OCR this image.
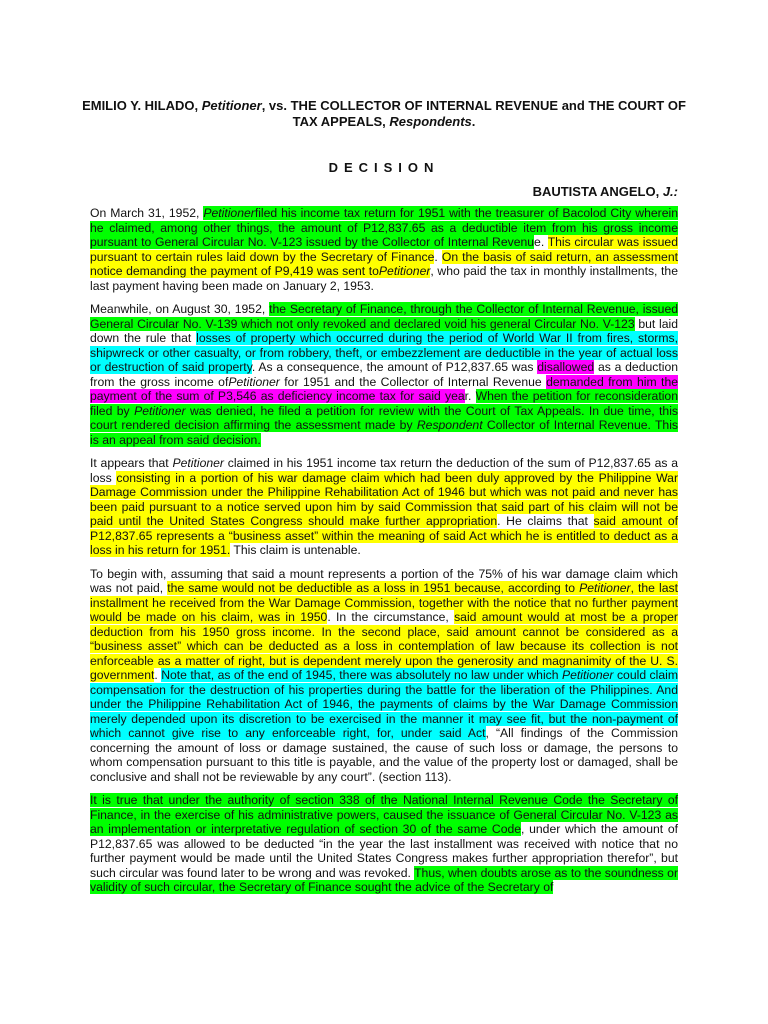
EMILIO Y. HILADO, Petitioner, vs. THE COLLECTOR OF INTERNAL REVENUE and THE COURT OF TAX APPEALS, Respondents.
DECISION
BAUTISTA ANGELO, J.:

On March 31, 1952, Petitionerfiled his income tax return for 1951 with the treasurer of Bacolod City wherein he claimed, among other things, the amount of P12,837.65 as a deductible item from his gross income pursuant to General Circular No. V-123 issued by the Collector of Internal Revenue. This circular was issued pursuant to certain rules laid down by the Secretary of Finance. On the basis of said return, an assessment notice demanding the payment of P9,419 was sent toPetitioner, who paid the tax in monthly installments, the last payment having been made on January 2, 1953.

Meanwhile, on August 30, 1952, the Secretary of Finance, through the Collector of Internal Revenue, issued General Circular No. V-139 which not only revoked and declared void his general Circular No. V-123 but laid down the rule that losses of property which occurred during the period of World War II from fires, storms, shipwreck or other casualty, or from robbery, theft, or embezzlement are deductible in the year of actual loss or destruction of said property. As a consequence, the amount of P12,837.65 was disallowed as a deduction from the gross income ofPetitioner for 1951 and the Collector of Internal Revenue demanded from him the payment of the sum of P3,546 as deficiency income tax for said year. When the petition for reconsideration filed by Petitioner was denied, he filed a petition for review with the Court of Tax Appeals. In due time, this court rendered decision affirming the assessment made by Respondent Collector of Internal Revenue. This is an appeal from said decision.

It appears that Petitioner claimed in his 1951 income tax return the deduction of the sum of P12,837.65 as a loss consisting in a portion of his war damage claim which had been duly approved by the Philippine War Damage Commission under the Philippine Rehabilitation Act of 1946 but which was not paid and never has been paid pursuant to a notice served upon him by said Commission that said part of his claim will not be paid until the United States Congress should make further appropriation. He claims that said amount of P12,837.65 represents a “business asset” within the meaning of said Act which he is entitled to deduct as a loss in his return for 1951. This claim is untenable.

To begin with, assuming that said a mount represents a portion of the 75% of his war damage claim which was not paid, the same would not be deductible as a loss in 1951 because, according to Petitioner, the last installment he received from the War Damage Commission, together with the notice that no further payment would be made on his claim, was in 1950. In the circumstance, said amount would at most be a proper deduction from his 1950 gross income. In the second place, said amount cannot be considered as a “business asset” which can be deducted as a loss in contemplation of law because its collection is not enforceable as a matter of right, but is dependent merely upon the generosity and magnanimity of the U. S. government. Note that, as of the end of 1945, there was absolutely no law under which Petitioner could claim compensation for the destruction of his properties during the battle for the liberation of the Philippines. And under the Philippine Rehabilitation Act of 1946, the payments of claims by the War Damage Commission merely depended upon its discretion to be exercised in the manner it may see fit, but the non-payment of which cannot give rise to any enforceable right, for, under said Act, “All findings of the Commission concerning the amount of loss or damage sustained, the cause of such loss or damage, the persons to whom compensation pursuant to this title is payable, and the value of the property lost or damaged, shall be conclusive and shall not be reviewable by any court”. (section 113).

It is true that under the authority of section 338 of the National Internal Revenue Code the Secretary of Finance, in the exercise of his administrative powers, caused the issuance of General Circular No. V-123 as an implementation or interpretative regulation of section 30 of the same Code, under which the amount of P12,837.65 was allowed to be deducted “in the year the last installment was received with notice that no further payment would be made until the United States Congress makes further appropriation therefor”, but such circular was found later to be wrong and was revoked. Thus, when doubts arose as to the soundness or validity of such circular, the Secretary of Finance sought the advice of the Secretary of
